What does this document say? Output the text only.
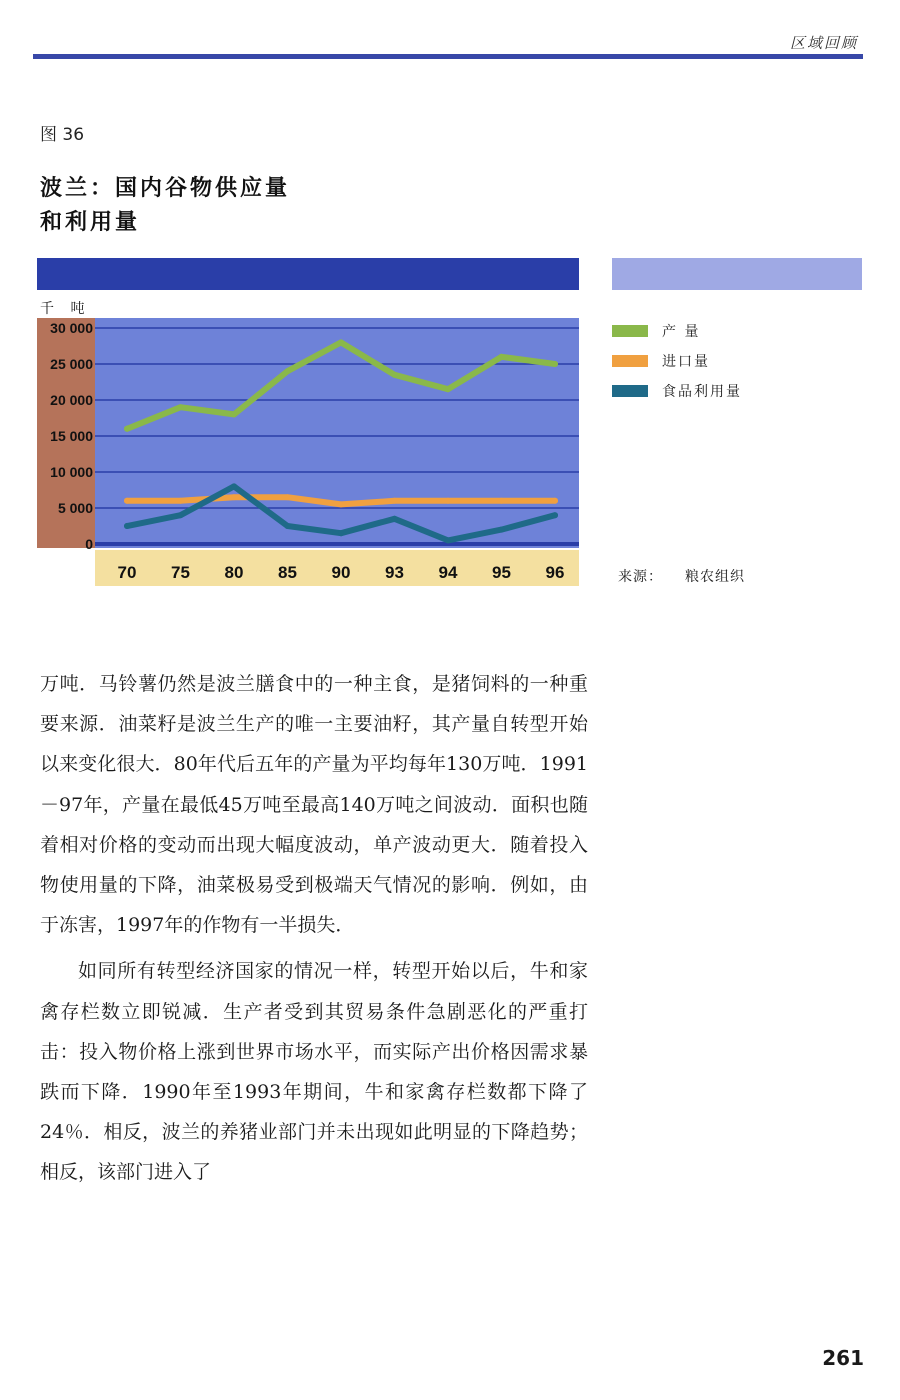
区域回顾
图 36
波兰：国内谷物供应量
和利用量
千 吨
0
5 000
10 000
15 000
20 000
25 000
30 000
70 75 80 85 90 93 94 95 96
产 量
进口量
食品利用量
来源： 粮农组织

万吨．马铃薯仍然是波兰膳食中的一种主食，是猪饲料的一种重要来源．油菜籽是波兰生产的唯一主要油籽，其产量自转型开始以来变化很大．80年代后五年的产量为平均每年130万吨．1991－97年，产量在最低45万吨至最高140万吨之间波动．面积也随着相对价格的变动而出现大幅度波动，单产波动更大．随着投入物使用量的下降，油菜极易受到极端天气情况的影响．例如，由于冻害，1997年的作物有一半损失．

如同所有转型经济国家的情况一样，转型开始以后，牛和家禽存栏数立即锐减．生产者受到其贸易条件急剧恶化的严重打击：投入物价格上涨到世界市场水平，而实际产出价格因需求暴跌而下降．1990年至1993年期间，牛和家禽存栏数都下降了24％．相反，波兰的养猪业部门并未出现如此明显的下降趋势；相反，该部门进入了

261
